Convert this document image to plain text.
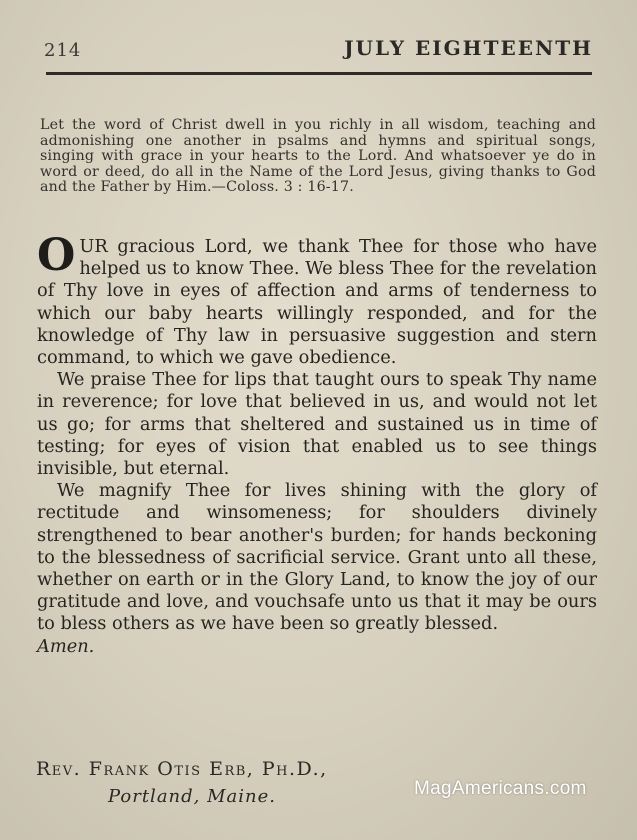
214	JULY EIGHTEENTH
Let the word of Christ dwell in you richly in all wisdom, teaching and admonishing one another in psalms and hymns and spiritual songs, singing with grace in your hearts to the Lord. And whatsoever ye do in word or deed, do all in the Name of the Lord Jesus, giving thanks to God and the Father by Him.—Coloss. 3 : 16-17.

OUR gracious Lord, we thank Thee for those who have helped us to know Thee. We bless Thee for the revelation of Thy love in eyes of affection and arms of tenderness to which our baby hearts willingly responded, and for the knowledge of Thy law in persuasive suggestion and stern command, to which we gave obedience.

We praise Thee for lips that taught ours to speak Thy name in reverence; for love that believed in us, and would not let us go; for arms that sheltered and sustained us in time of testing; for eyes of vision that enabled us to see things invisible, but eternal.

We magnify Thee for lives shining with the glory of rectitude and winsomeness; for shoulders divinely strengthened to bear another's burden; for hands beckoning to the blessedness of sacrificial service. Grant unto all these, whether on earth or in the Glory Land, to know the joy of our gratitude and love, and vouchsafe unto us that it may be ours to bless others as we have been so greatly blessed.

Amen.
Rev. Frank Otis Erb, Ph.D.,
Portland, Maine.	MagAmericans.com
